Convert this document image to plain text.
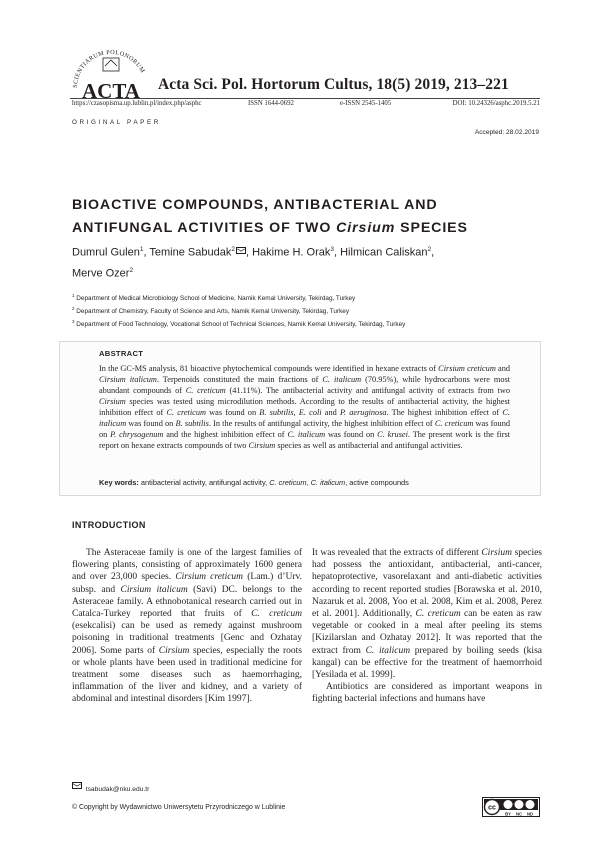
SCIENTIARUM POLONORUM
ACTA Acta Sci. Pol. Hortorum Cultus, 18(5) 2019, 213–221
https://czasopisma.up.lublin.pl/index.php/asphc	ISSN 1644-0692	e-ISSN 2545-1405	DOI: 10.24326/asphc.2019.5.21
ORIGINAL PAPER
Accepted: 28.02.2019
BIOACTIVE COMPOUNDS, ANTIBACTERIAL AND ANTIFUNGAL ACTIVITIES OF TWO Cirsium SPECIES
Dumrul Gulen$^1$, Temine Sabudak$^2$ , Hakime H. Orak$^3$, Hilmican Caliskan$^2$,
Merve Ozer$^2$
$^1$ Department of Medical Microbiology School of Medicine, Namik Kemal University, Tekirdag, Turkey
$^2$ Department of Chemistry, Faculty of Science and Arts, Namik Kemal University, Tekirdag, Turkey
$^3$ Department of Food Technology, Vocational School of Technical Sciences, Namik Kemal University, Tekirdag, Turkey
ABSTRACT
In the GC-MS analysis, 81 bioactive phytochemical compounds were identified in hexane extracts of Cirsium creticum and Cirsium italicum. Terpenoids constituted the main fractions of C. italicum (70.95%), while hydrocarbons were most abundant compounds of C. creticum (41.11%). The antibacterial activity and antifungal activity of extracts from two Cirsium species was tested using microdilution methods. According to the results of antibacterial activity, the highest inhibition effect of C. creticum was found on B. subtilis, E. coli and P. aeruginosa. The highest inhibition effect of C. italicum was found on B. subtilis. In the results of antifungal activity, the highest inhibition effect of C. creticum was found on P. chrysogenum and the highest inhibition effect of C. italicum was found on C. krusei. The present work is the first report on hexane extracts compounds of two Cirsium species as well as antibacterial and antifungal activities.
Key words: antibacterial activity, antifungal activity, C. creticum, C. italicum, active compounds
INTRODUCTION

The Asteraceae family is one of the largest families of flowering plants, consisting of approximately 1600 genera and over 23,000 species. Cirsium creticum (Lam.) d’Urv. subsp. and Cirsium italicum (Savi) DC. belongs to the Asteraceae family. A ethnobotanical research carried out in Catalca-Turkey reported that fruits of C. creticum (esekcalisi) can be used as remedy against mushroom poisoning in traditional treatments [Genc and Ozhatay 2006]. Some parts of Cirsium species, especially the roots or whole plants have been used in traditional medicine for treatment some diseases such as haemorrhaging, inflammation of the liver and kidney, and a variety of abdominal and intestinal disorders [Kim 1997].

It was revealed that the extracts of different Cirsium species had possess the antioxidant, antibacterial, anti-cancer, hepatoprotective, vasorelaxant and anti-diabetic activities according to recent reported studies [Borawska et al. 2010, Nazaruk et al. 2008, Yoo et al. 2008, Kim et al. 2008, Perez et al. 2001]. Additionally, C. creticum can be eaten as raw vegetable or cooked in a meal after peeling its stems [Kizilarslan and Ozhatay 2012]. It was reported that the extract from C. italicum prepared by boiling seeds (kisa kangal) can be effective for the treatment of haemorrhoid [Yesilada et al. 1999].

Antibiotics are considered as important weapons in fighting bacterial infections and humans have

tsabudak@nku.edu.tr
© Copyright by Wydawnictwo Uniwersytetu Przyrodniczego w Lublinie	cc
BY NC ND
